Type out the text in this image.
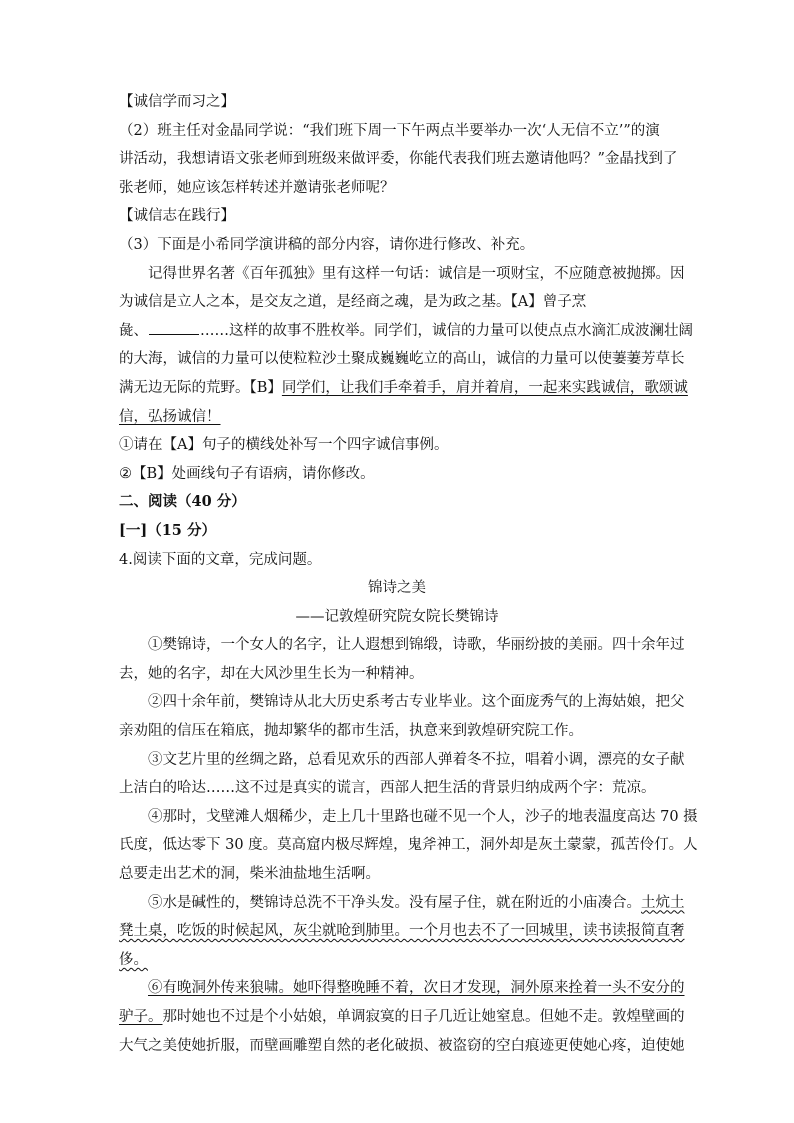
【诚信学而习之】
（2）班主任对金晶同学说：“我们班下周一下午两点半要举办一次‘人无信不立’”的演
讲活动，我想请语文张老师到班级来做评委，你能代表我们班去邀请他吗？”金晶找到了
张老师，她应该怎样转述并邀请张老师呢？
【诚信志在践行】
（3）下面是小希同学演讲稿的部分内容，请你进行修改、补充。
记得世界名著《百年孤独》里有这样一句话：诚信是一项财宝，不应随意被抛掷。因
为诚信是立人之本，是交友之道，是经商之魂，是为政之基。【A】曾子烹
彘、	……这样的故事不胜枚举。同学们，诚信的力量可以使点点水滴汇成波澜壮阔
的大海，诚信的力量可以使粒粒沙土聚成巍巍屹立的高山，诚信的力量可以使萋萋芳草长
满无边无际的荒野。【B】同学们，让我们手牵着手，肩并着肩，一起来实践诚信，歌颂诚
信，弘扬诚信！
①请在【A】句子的横线处补写一个四字诚信事例。
②【B】处画线句子有语病，请你修改。
二、阅读（40 分）
[一]（15 分）
4.阅读下面的文章，完成问题。
锦诗之美
——记敦煌研究院女院长樊锦诗
①樊锦诗，一个女人的名字，让人遐想到锦缎，诗歌，华丽纷披的美丽。四十余年过
去，她的名字，却在大风沙里生长为一种精神。
②四十余年前，樊锦诗从北大历史系考古专业毕业。这个面庞秀气的上海姑娘，把父
亲劝阻的信压在箱底，抛却繁华的都市生活，执意来到敦煌研究院工作。
③文艺片里的丝绸之路，总看见欢乐的西部人弹着冬不拉，唱着小调，漂亮的女子献
上洁白的哈达……这不过是真实的谎言，西部人把生活的背景归纳成两个字：荒凉。
④那时，戈壁滩人烟稀少，走上几十里路也碰不见一个人，沙子的地表温度高达 70 摄
氏度，低达零下 30 度。莫高窟内极尽辉煌，鬼斧神工，洞外却是灰土蒙蒙，孤苦伶仃。人
总要走出艺术的洞，柴米油盐地生活啊。
⑤水是碱性的，樊锦诗总洗不干净头发。没有屋子住，就在附近的小庙凑合。土炕土
凳土桌，吃饭的时候起风，灰尘就呛到肺里。一个月也去不了一回城里，读书读报简直奢
侈。
⑥有晚洞外传来狼啸。她吓得整晚睡不着，次日才发现，洞外原来拴着一头不安分的
驴子。那时她也不过是个小姑娘，单调寂寞的日子几近让她窒息。但她不走。敦煌壁画的
大气之美使她折服，而壁画雕塑自然的老化破损、被盗窃的空白痕迹更使她心疼，迫使她
